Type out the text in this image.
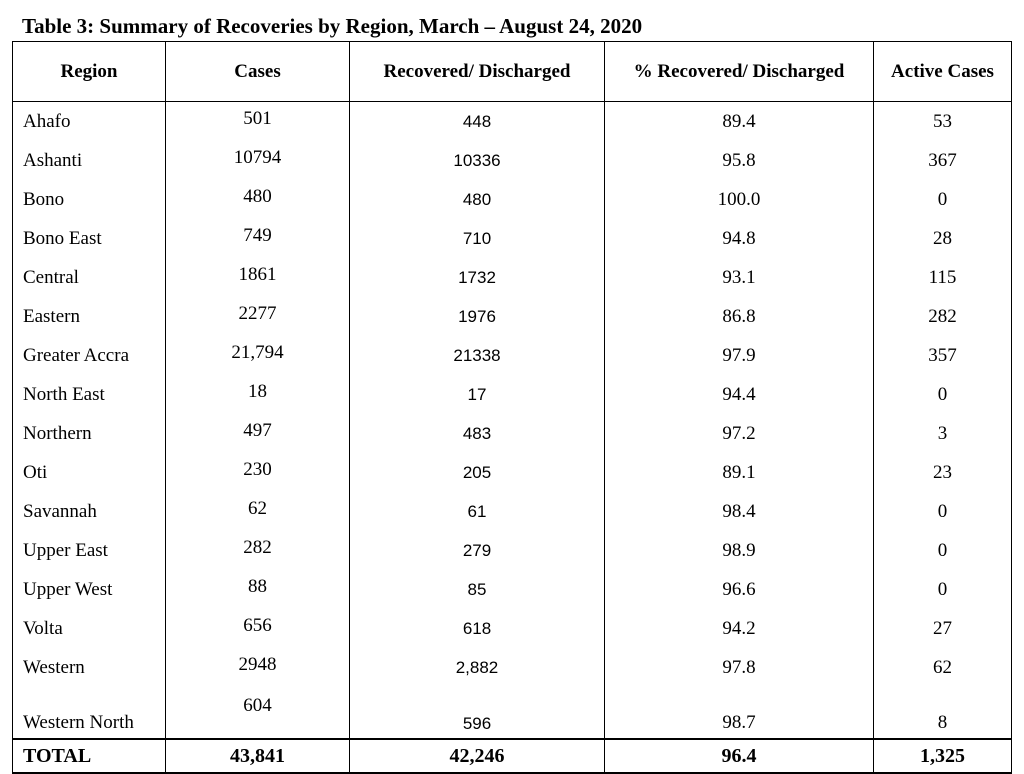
Table 3: Summary of Recoveries by Region, March – August 24, 2020
Region	Cases	Recovered/ Discharged	% Recovered/ Discharged	Active Cases
Ahafo	501	448	89.4	53
Ashanti	10794	10336	95.8	367
Bono	480	480	100.0	0
Bono East	749	710	94.8	28
Central	1861	1732	93.1	115
Eastern	2277	1976	86.8	282
Greater Accra	21,794	21338	97.9	357
North East	18	17	94.4	0
Northern	497	483	97.2	3
Oti	230	205	89.1	23
Savannah	62	61	98.4	0
Upper East	282	279	98.9	0
Upper West	88	85	96.6	0
Volta	656	618	94.2	27
Western	2948	2,882	97.8	62
Western North	604	596	98.7	8
TOTAL	43,841	42,246	96.4	1,325
